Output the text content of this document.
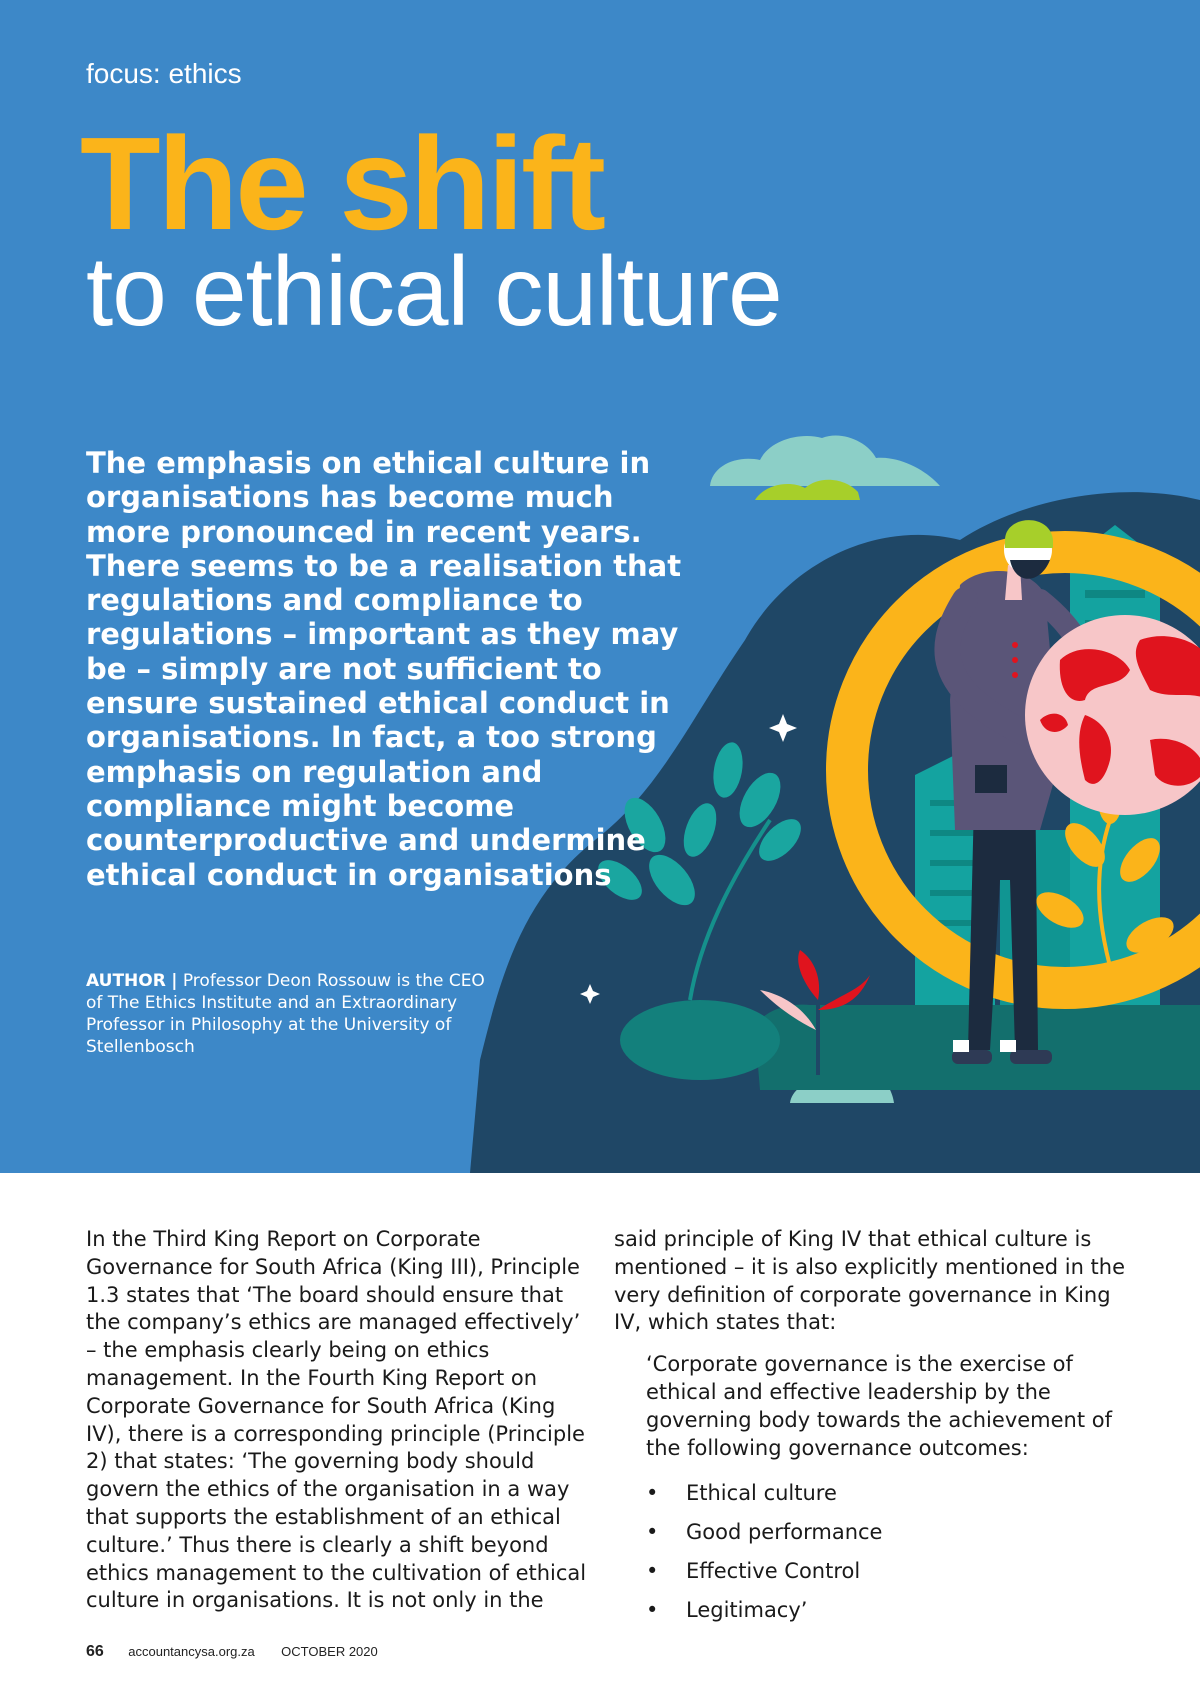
focus: ethics

The shift
to ethical culture

The emphasis on ethical culture in organisations has become much more pronounced in recent years. There seems to be a realisation that regulations and compliance to regulations – important as they may be – simply are not sufficient to ensure sustained ethical conduct in organisations. In fact, a too strong emphasis on regulation and compliance might become counterproductive and undermine ethical conduct in organisations

AUTHOR | Professor Deon Rossouw is the CEO of The Ethics Institute and an Extraordinary Professor in Philosophy at the University of Stellenbosch

In the Third King Report on Corporate Governance for South Africa (King III), Principle 1.3 states that ‘The board should ensure that the company’s ethics are managed effectively’ – the emphasis clearly being on ethics management. In the Fourth King Report on Corporate Governance for South Africa (King IV), there is a corresponding principle (Principle 2) that states: ‘The governing body should govern the ethics of the organisation in a way that supports the establishment of an ethical culture.’ Thus there is clearly a shift beyond ethics management to the cultivation of ethical culture in organisations. It is not only in the

said principle of King IV that ethical culture is mentioned – it is also explicitly mentioned in the very definition of corporate governance in King IV, which states that:

‘Corporate governance is the exercise of ethical and effective leadership by the governing body towards the achievement of the following governance outcomes:

• Ethical culture
• Good performance
• Effective Control
• Legitimacy’
66 accountancysa.org.za OCTOBER 2020
